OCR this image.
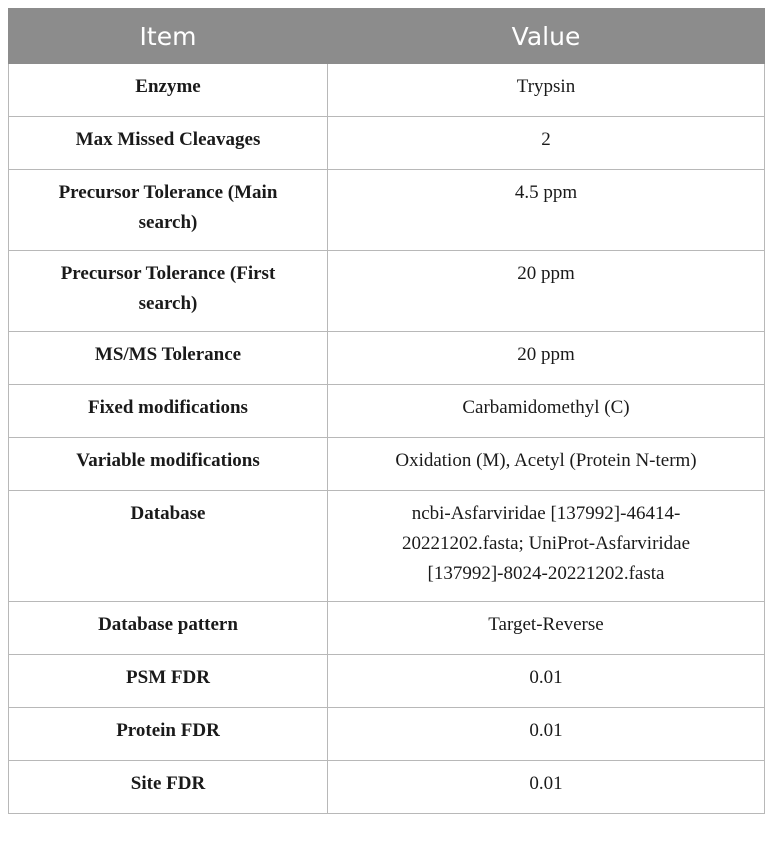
Item	Value
Enzyme	Trypsin
Max Missed Cleavages	2
Precursor Tolerance (Main search)	4.5 ppm
Precursor Tolerance (First search)	20 ppm
MS/MS Tolerance	20 ppm
Fixed modifications	Carbamidomethyl (C)
Variable modifications	Oxidation (M), Acetyl (Protein N-term)
Database	ncbi-Asfarviridae [137992]-46414-20221202.fasta; UniProt-Asfarviridae [137992]-8024-20221202.fasta
Database pattern	Target-Reverse
PSM FDR	0.01
Protein FDR	0.01
Site FDR	0.01
